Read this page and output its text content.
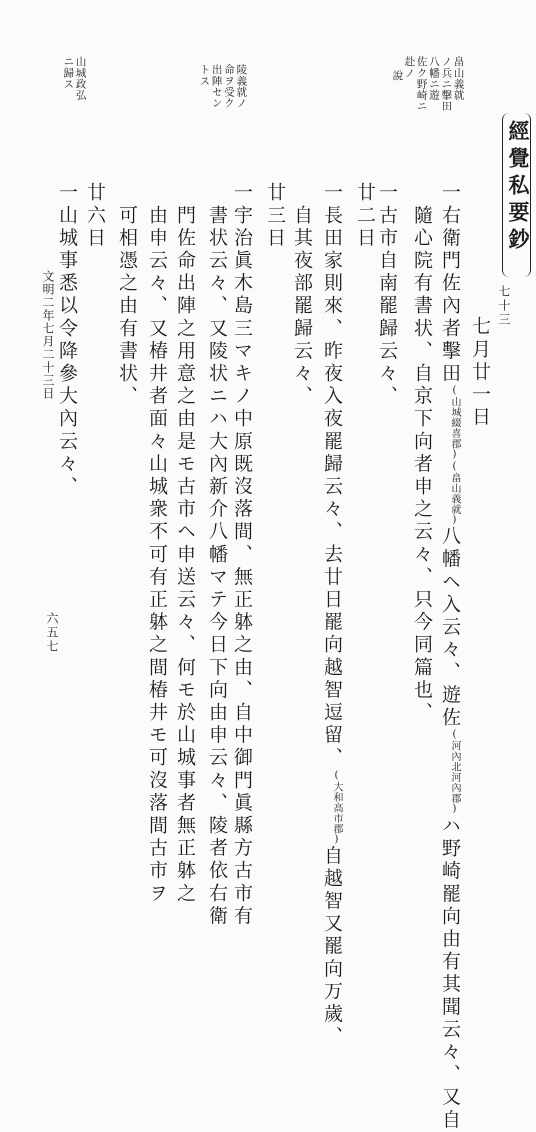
經覺私要鈔
七十三
七月廿一日
畠山義就
ノ兵ニ擊田
八幡ニ遊
佐ク野崎ニ
赴ノ
說
陵義就ノ
命ヲ受ク
出陣セン
トス
山城政弘
ニ歸ス
文明二年七月二十三日
六五七
一右衛門佐內者擊田
(畠山義就)
(山城綴喜郡)
八幡ヘ入云々、遊佐
(河內北河內郡)
ハ野崎罷向由有其聞云々、又自
　隨心院有書状、自京下向者申之云々、只今同篇也、
一古市自南罷歸云々、
廿二日
一長田家則來、昨夜入夜罷歸云々、去廿日罷向越智逗留、
(大和高市郡)
自越智又罷向万歲、
　自其夜部罷歸云々、
廿三日
一宇治眞木島三マキノ中原既沒落間、無正躰之由、自中御門眞縣方古市有
　書状云々、又陵状ニハ大內新介八幡マテ今日下向由申云々、陵者依右衛
　門佐命出陣之用意之由是モ古市ヘ申送云々、何モ於山城事者無正躰之
　由申云々、又椿井者面々山城衆不可有正躰之間椿井モ可沒落間古市ヲ
　可相憑之由有書状、
廿六日
一山城事悉以令降參大內云々、
